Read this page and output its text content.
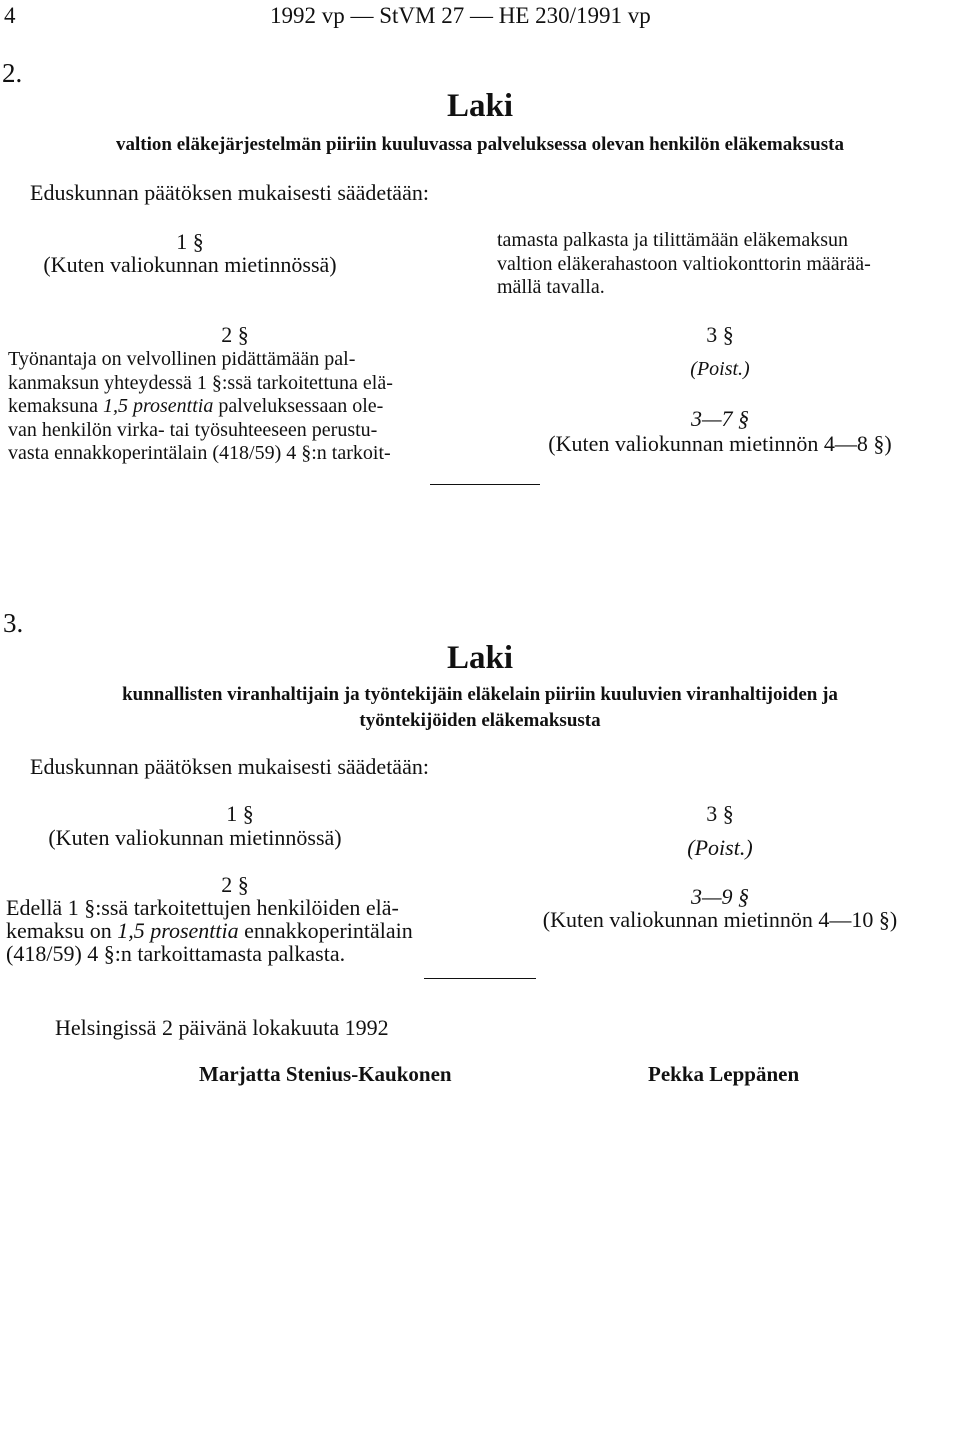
4	1992 vp — StVM 27 — HE 230/1991 vp
2.
Laki
valtion eläkejärjestelmän piiriin kuuluvassa palveluksessa olevan henkilön eläkemaksusta
Eduskunnan päätöksen mukaisesti säädetään:
1 §
(Kuten valiokunnan mietinnössä)
2 §
Työnantaja on velvollinen pidättämään pal-
kanmaksun yhteydessä 1 §:ssä tarkoitettuna elä-
kemaksuna 1,5 prosenttia palveluksessaan ole-
van henkilön virka- tai työsuhteeseen perustu-
vasta ennakkoperintälain (418/59) 4 §:n tarkoit-
tamasta palkasta ja tilittämään eläkemaksun
valtion eläkerahastoon valtiokonttorin määrää-
mällä tavalla.
3 §
(Poist.)
3—7 §
(Kuten valiokunnan mietinnön 4—8 §)
3.
Laki
kunnallisten viranhaltijain ja työntekijäin eläkelain piiriin kuuluvien viranhaltijoiden ja
työntekijöiden eläkemaksusta
Eduskunnan päätöksen mukaisesti säädetään:
1 §
(Kuten valiokunnan mietinnössä)
2 §
Edellä 1 §:ssä tarkoitettujen henkilöiden elä-
kemaksu on 1,5 prosenttia ennakkoperintälain
(418/59) 4 §:n tarkoittamasta palkasta.
3 §
(Poist.)
3—9 §
(Kuten valiokunnan mietinnön 4—10 §)
Helsingissä 2 päivänä lokakuuta 1992
Marjatta Stenius-Kaukonen	Pekka Leppänen
